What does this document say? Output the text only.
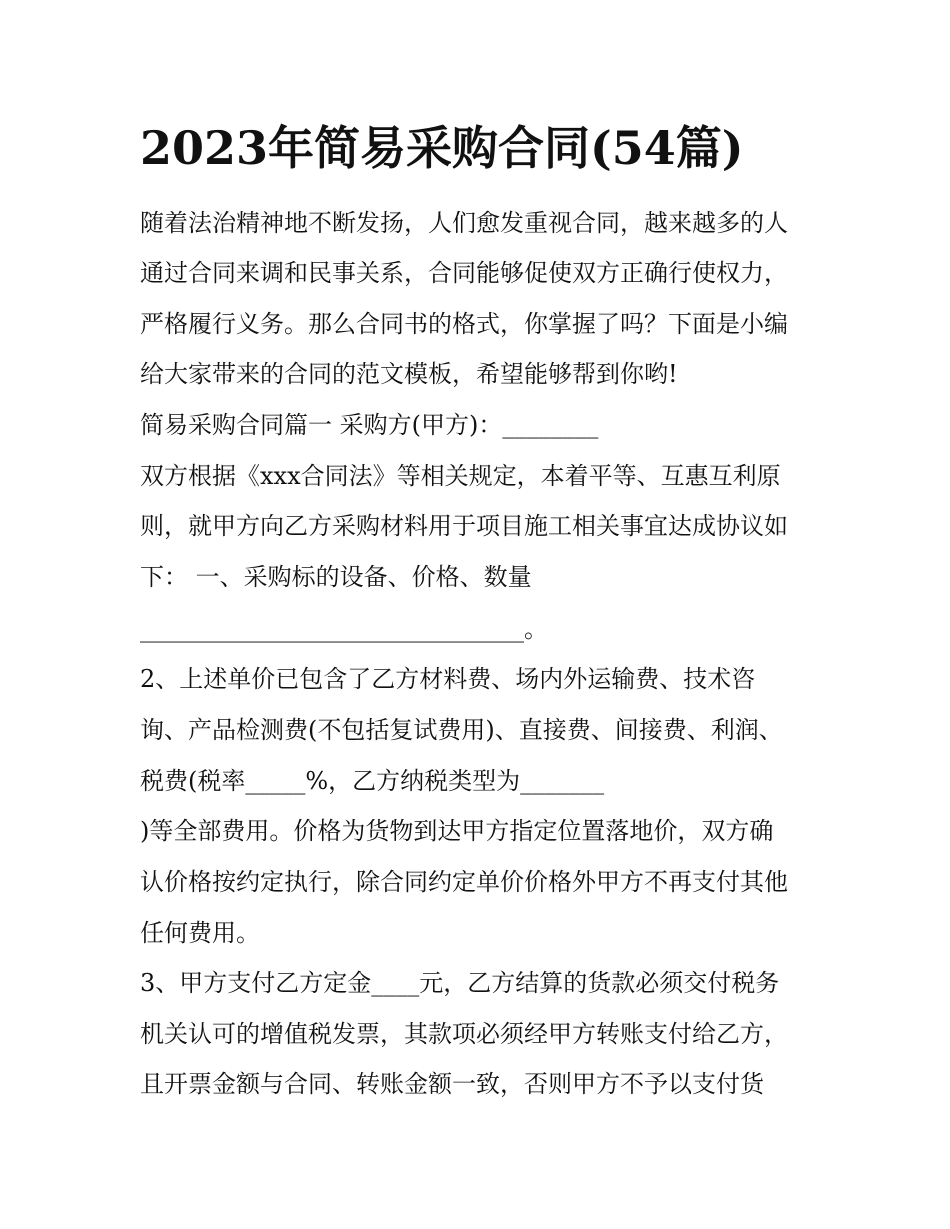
2023年简易采购合同(54篇)
随着法治精神地不断发扬，人们愈发重视合同，越来越多的人
通过合同来调和民事关系，合同能够促使双方正确行使权力，
严格履行义务。那么合同书的格式，你掌握了吗？下面是小编
给大家带来的合同的范文模板，希望能够帮到你哟!
简易采购合同篇一 采购方(甲方)：________
双方根据《xxx合同法》等相关规定，本着平等、互惠互利原
则，就甲方向乙方采购材料用于项目施工相关事宜达成协议如
下： 一、采购标的设备、价格、数量
________________________________。
2、上述单价已包含了乙方材料费、场内外运输费、技术咨
询、产品检测费(不包括复试费用)、直接费、间接费、利润、
税费(税率_____%，乙方纳税类型为_______
)等全部费用。价格为货物到达甲方指定位置落地价，双方确
认价格按约定执行，除合同约定单价价格外甲方不再支付其他
任何费用。
3、甲方支付乙方定金____元，乙方结算的货款必须交付税务
机关认可的增值税发票，其款项必须经甲方转账支付给乙方，
且开票金额与合同、转账金额一致，否则甲方不予以支付货
